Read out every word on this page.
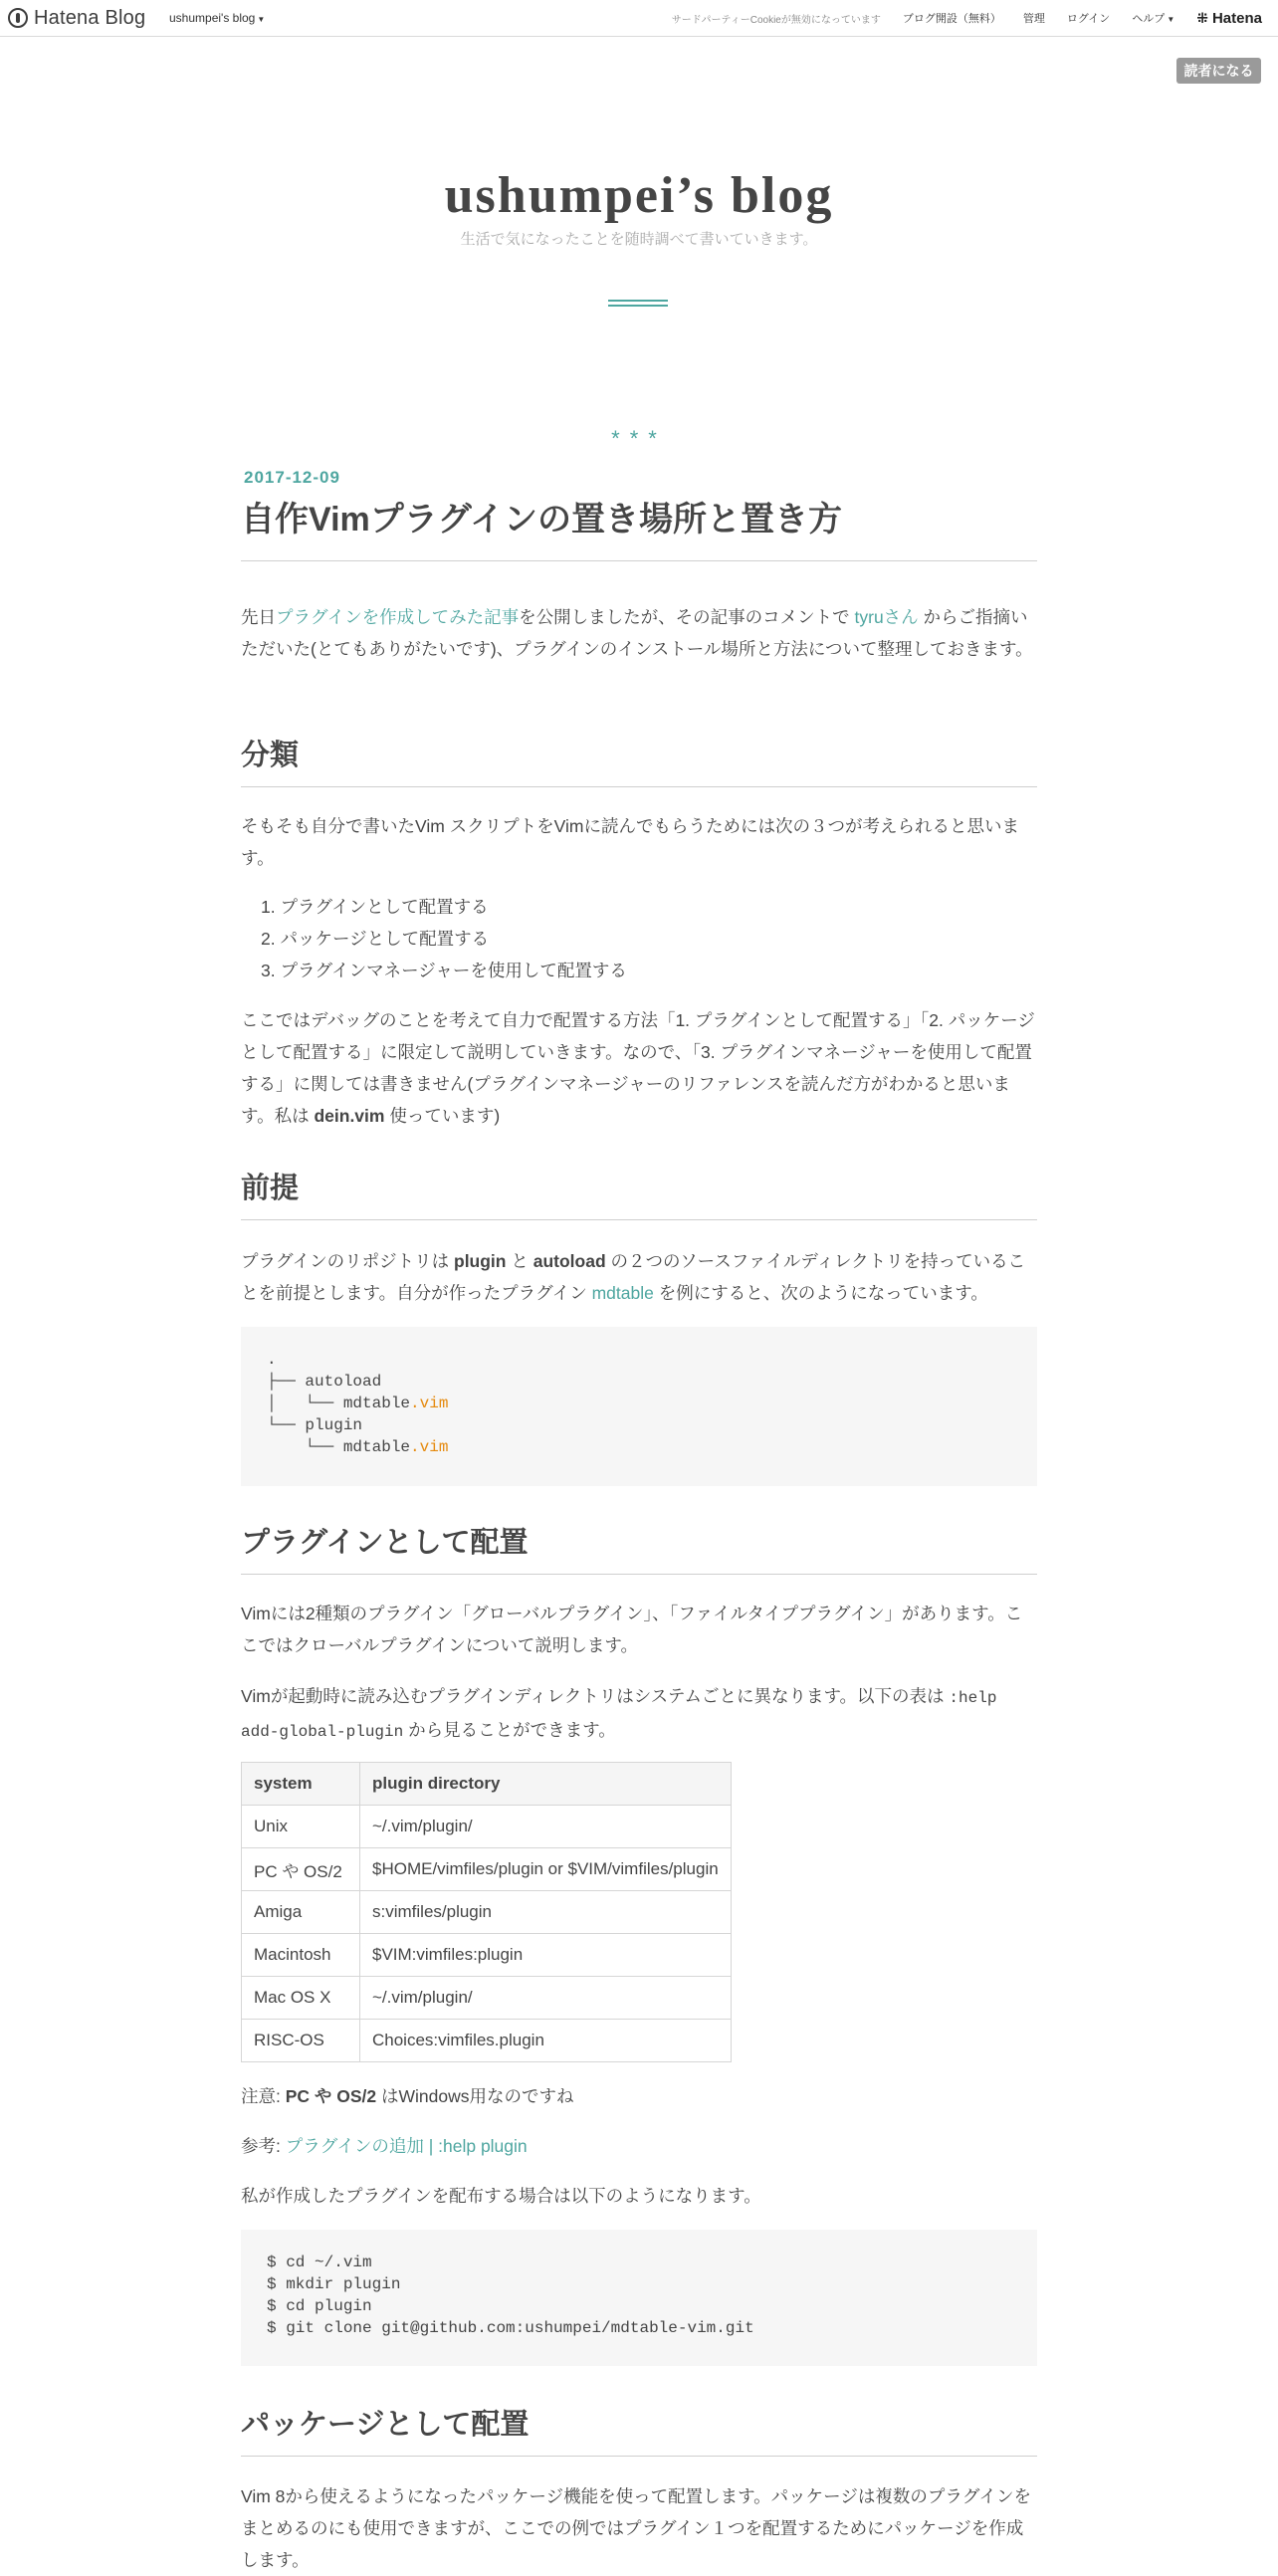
Hatena Blog ushumpei's blog ▼	サードパーティーCookieが無効になっています ブログ開設（無料） 管理 ログイン ヘルプ ▼ ⁜ Hatena
読者になる
ushumpei’s blog
生活で気になったことを随時調べて書いていきます。
***
2017-12-09
自作Vimプラグインの置き場所と置き方

先日プラグインを作成してみた記事を公開しましたが、その記事のコメントで tyruさん からご指摘いただいた(とてもありがたいです)、プラグインのインストール場所と方法について整理しておきます。

分類

そもそも自分で書いたVim スクリプトをVimに読んでもらうためには次の３つが考えられると思います。

1. プラグインとして配置する
2. パッケージとして配置する
3. プラグインマネージャーを使用して配置する

ここではデバッグのことを考えて自力で配置する方法「1. プラグインとして配置する」「2. パッケージとして配置する」に限定して説明していきます。なので、「3. プラグインマネージャーを使用して配置する」に関しては書きません(プラグインマネージャーのリファレンスを読んだ方がわかると思います。私は dein.vim 使っています)

前提

プラグインのリポジトリは plugin と autoload の２つのソースファイルディレクトリを持っていることを前提とします。自分が作ったプラグイン mdtable を例にすると、次のようになっています。

.
├── autoload
│   └── mdtable.vim
└── plugin
└── mdtable.vim
プラグインとして配置

Vimには2種類のプラグイン「グローバルプラグイン」、「ファイルタイププラグイン」があります。ここではクローバルプラグインについて説明します。

Vimが起動時に読み込むプラグインディレクトリはシステムごとに異なります。以下の表は :help add-global-plugin から見ることができます。

system	plugin directory
Unix	~/.vim/plugin/
PC や OS/2	$HOME/vimfiles/plugin or $VIM/vimfiles/plugin
Amiga	s:vimfiles/plugin
Macintosh	$VIM:vimfiles:plugin
Mac OS X	~/.vim/plugin/
RISC-OS	Choices:vimfiles.plugin

注意: PC や OS/2 はWindows用なのですね

参考: プラグインの追加 | :help plugin

私が作成したプラグインを配布する場合は以下のようになります。

$ cd ~/.vim
$ mkdir plugin
$ cd plugin
$ git clone git@github.com:ushumpei/mdtable-vim.git
パッケージとして配置

Vim 8から使えるようになったパッケージ機能を使って配置します。パッケージは複数のプラグインをまとめるのにも使用できますが、ここでの例ではプラグイン１つを配置するためにパッケージを作成します。
